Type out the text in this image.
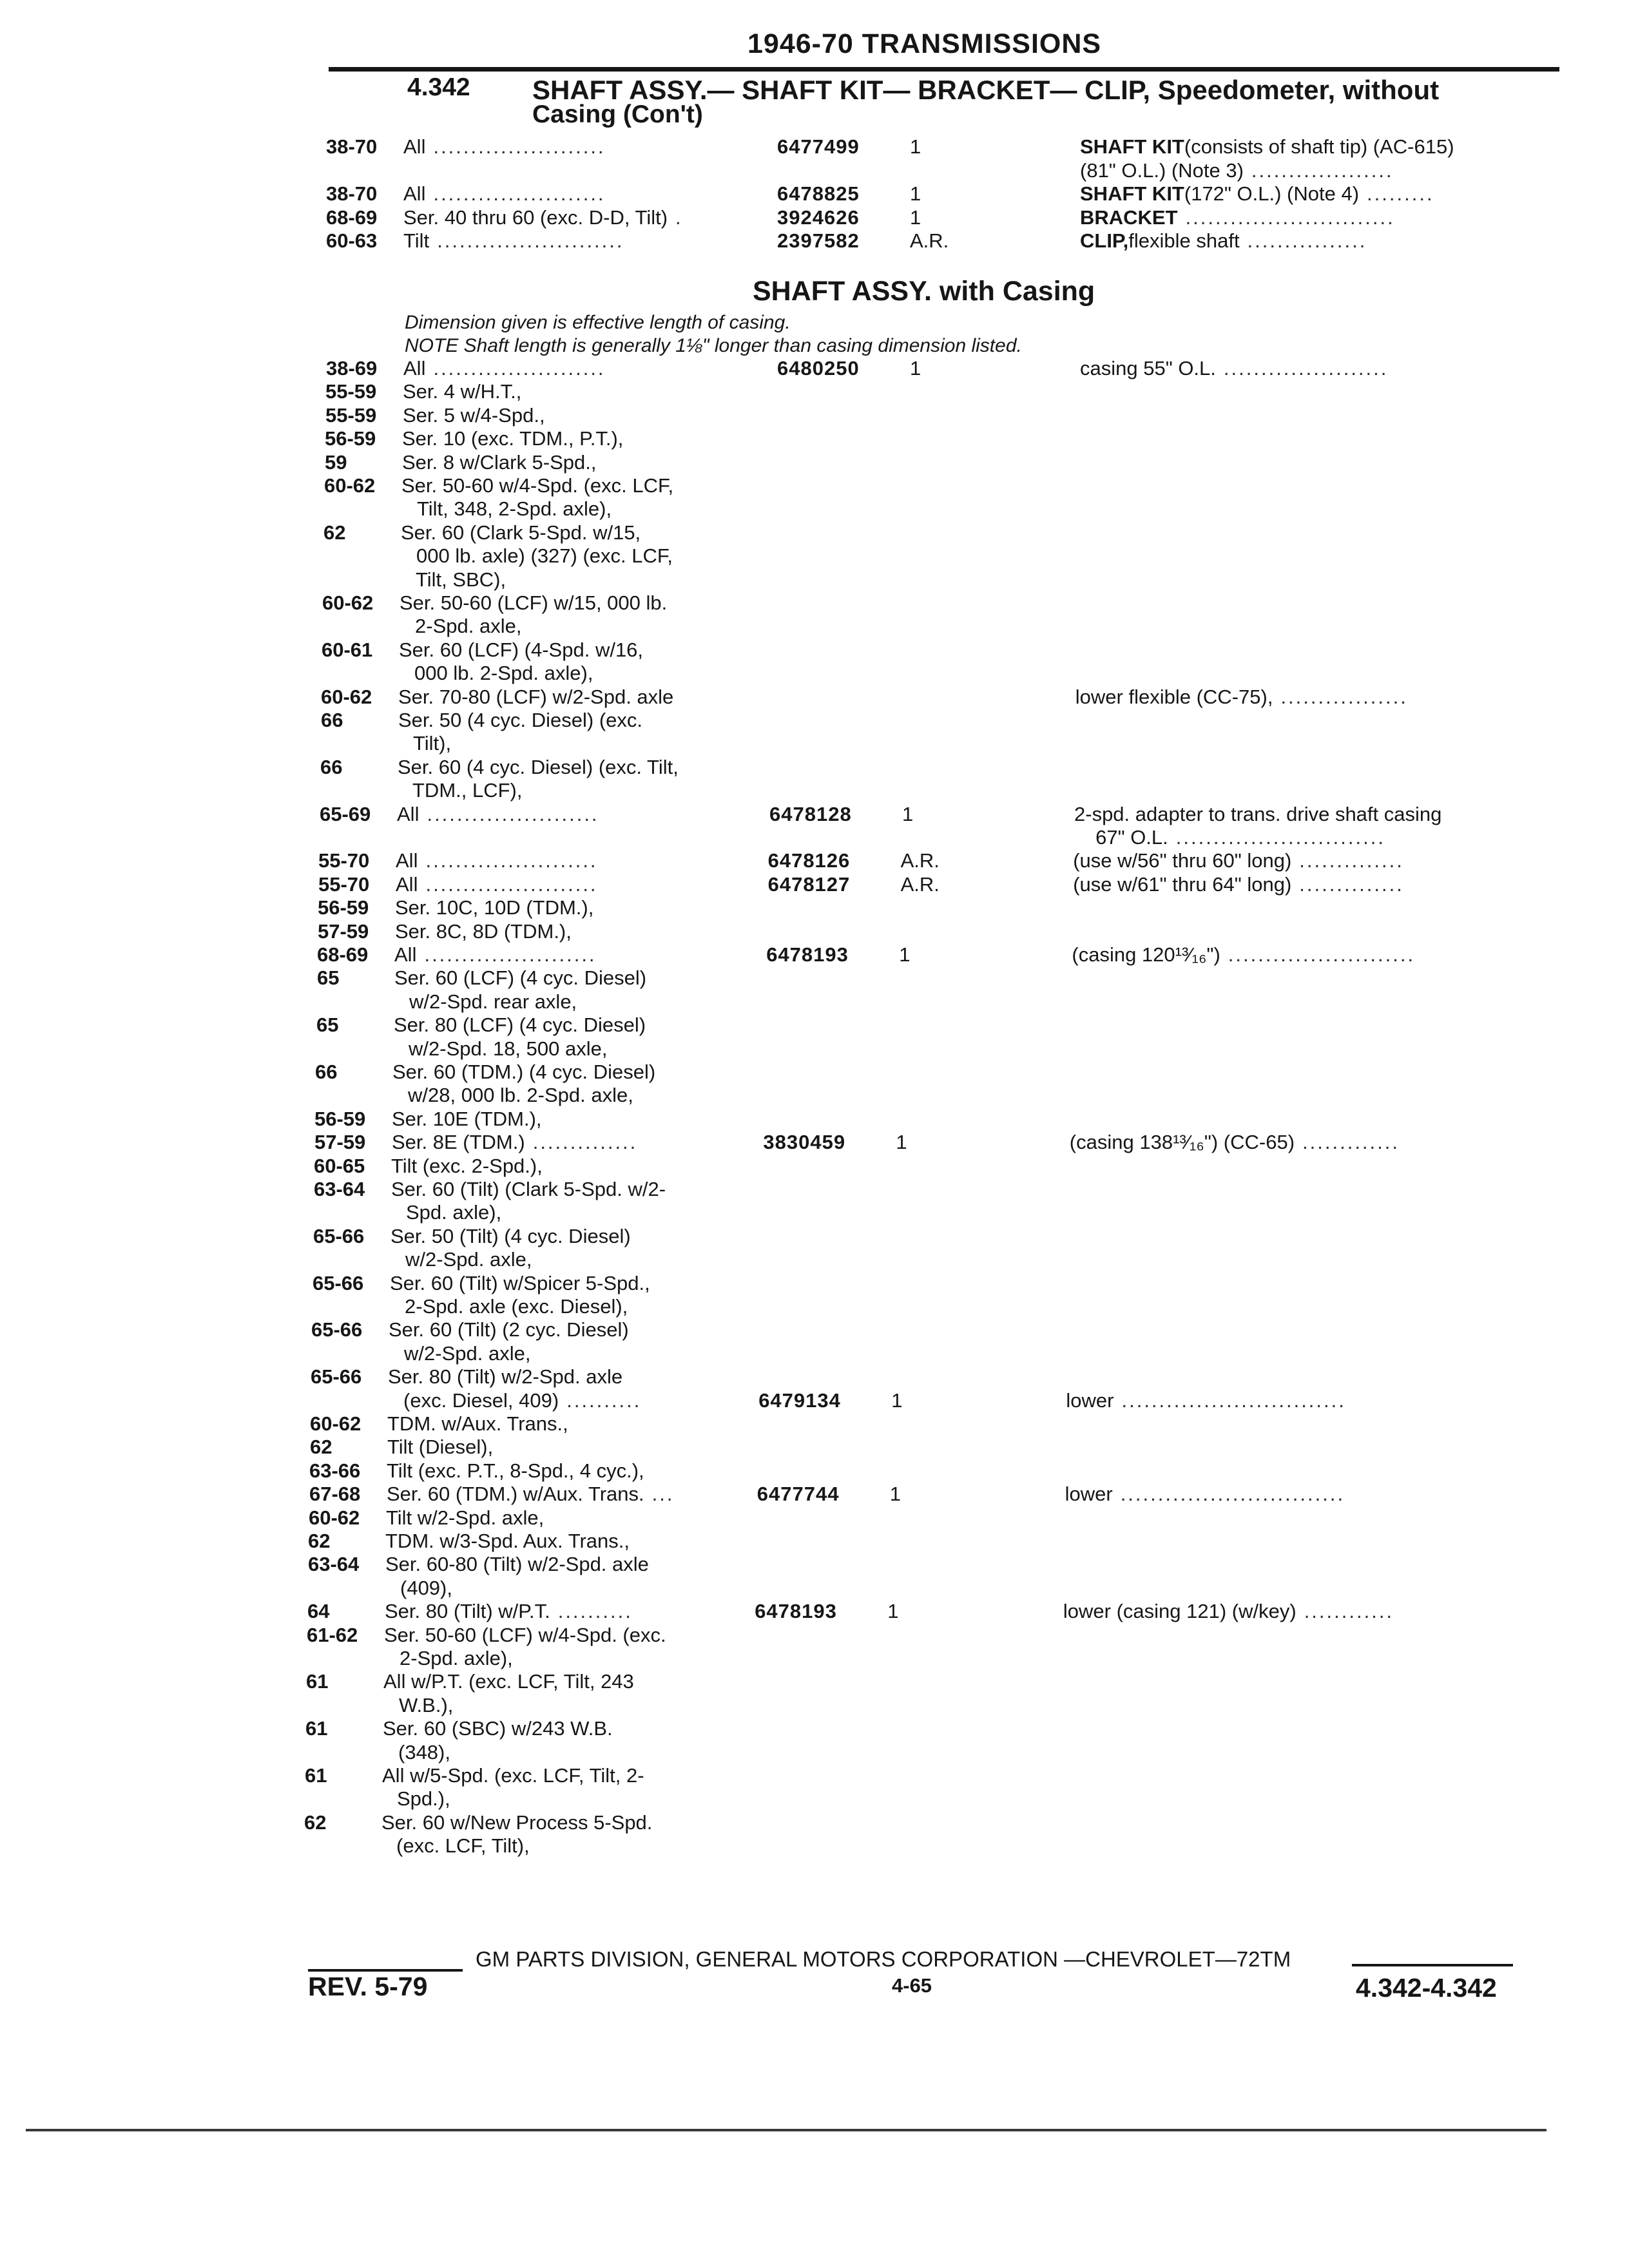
1946-70 TRANSMISSIONS
4.342 SHAFT ASSY.— SHAFT KIT— BRACKET— CLIP, Speedometer, without
Casing (Con't)
38-70 All .......................	6477499	1	SHAFT KIT (consists of shaft tip) (AC-615)
(81" O.L.) (Note 3) ...................
38-70 All .......................	6478825	1	SHAFT KIT (172" O.L.) (Note 4) .........
68-69 Ser. 40 thru 60 (exc. D-D, Tilt) .	3924626	1	BRACKET ............................
60-63 Tilt .........................	2397582	A.R.	CLIP, flexible shaft ................
SHAFT ASSY. with Casing
Dimension given is effective length of casing.
NOTE Shaft length is generally 1⅛" longer than casing dimension listed.
38-69 All .......................	6480250	1	casing 55" O.L. ......................
55-59 Ser. 4 w/H.T.,
55-59 Ser. 5 w/4-Spd.,
56-59 Ser. 10 (exc. TDM., P.T.),
59	Ser. 8 w/Clark 5-Spd.,
60-62 Ser. 50-60 w/4-Spd. (exc. LCF,
Tilt, 348, 2-Spd. axle),
62	Ser. 60 (Clark 5-Spd. w/15,
000 lb. axle) (327) (exc. LCF,
Tilt, SBC),
60-62 Ser. 50-60 (LCF) w/15, 000 lb.
2-Spd. axle,
60-61 Ser. 60 (LCF) (4-Spd. w/16,
000 lb. 2-Spd. axle),
60-62 Ser. 70-80 (LCF) w/2-Spd. axle	lower flexible (CC-75), .................
66	Ser. 50 (4 cyc. Diesel) (exc.
Tilt),
66	Ser. 60 (4 cyc. Diesel) (exc. Tilt,
TDM., LCF),
65-69 All .......................	6478128	1	2-spd. adapter to trans. drive shaft casing
67" O.L. ............................
55-70 All .......................	6478126	A.R.	(use w/56" thru 60" long) ..............
55-70 All .......................	6478127	A.R.	(use w/61" thru 64" long) ..............
56-59 Ser. 10C, 10D (TDM.),
57-59 Ser. 8C, 8D (TDM.),
68-69 All .......................	6478193	1	(casing 120¹³⁄₁₆") .........................
65	Ser. 60 (LCF) (4 cyc. Diesel)
w/2-Spd. rear axle,
65	Ser. 80 (LCF) (4 cyc. Diesel)
w/2-Spd. 18, 500 axle,
66	Ser. 60 (TDM.) (4 cyc. Diesel)
w/28, 000 lb. 2-Spd. axle,
56-59 Ser. 10E (TDM.),
57-59 Ser. 8E (TDM.) ..............	3830459	1	(casing 138¹³⁄₁₆") (CC-65) .............
60-65 Tilt (exc. 2-Spd.),
63-64 Ser. 60 (Tilt) (Clark 5-Spd. w/2-
Spd. axle),
65-66 Ser. 50 (Tilt) (4 cyc. Diesel)
w/2-Spd. axle,
65-66 Ser. 60 (Tilt) w/Spicer 5-Spd.,
2-Spd. axle (exc. Diesel),
65-66 Ser. 60 (Tilt) (2 cyc. Diesel)
w/2-Spd. axle,
65-66 Ser. 80 (Tilt) w/2-Spd. axle
(exc. Diesel, 409) ..........	6479134	1	lower ..............................
60-62 TDM. w/Aux. Trans.,
62	Tilt (Diesel),
63-66 Tilt (exc. P.T., 8-Spd., 4 cyc.),
67-68 Ser. 60 (TDM.) w/Aux. Trans. ...	6477744	1	lower ..............................
60-62 Tilt w/2-Spd. axle,
62	TDM. w/3-Spd. Aux. Trans.,
63-64 Ser. 60-80 (Tilt) w/2-Spd. axle
(409),
64	Ser. 80 (Tilt) w/P.T. ..........	6478193	1	lower (casing 121) (w/key) ............
61-62 Ser. 50-60 (LCF) w/4-Spd. (exc.
2-Spd. axle),
61	All w/P.T. (exc. LCF, Tilt, 243
W.B.),
61	Ser. 60 (SBC) w/243 W.B.
(348),
61	All w/5-Spd. (exc. LCF, Tilt, 2-
Spd.),
62	Ser. 60 w/New Process 5-Spd.
(exc. LCF, Tilt),
GM PARTS DIVISION, GENERAL MOTORS CORPORATION —CHEVROLET—72TM
REV. 5-79	4-65	4.342-4.342
